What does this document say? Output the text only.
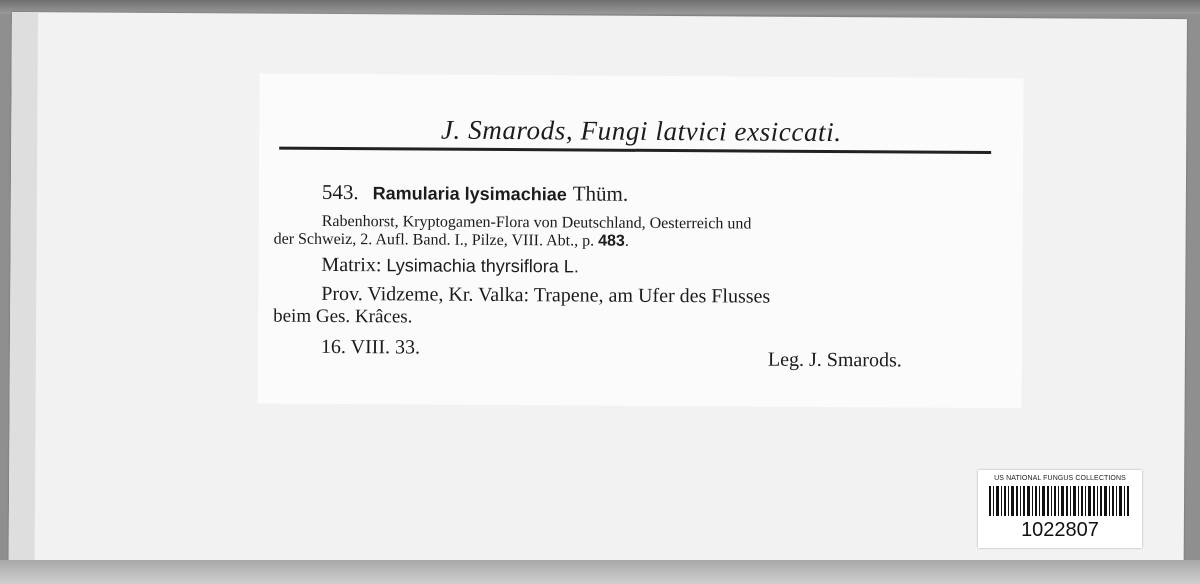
J. Smarods, Fungi latvici exsiccati.
543. Ramularia lysimachiae Thüm.
Rabenhorst, Kryptogamen-Flora von Deutschland, Oesterreich und
der Schweiz, 2. Aufl. Band. I., Pilze, VIII. Abt., p. 483.
Matrix: Lysimachia thyrsiflora L.
Prov. Vidzeme, Kr. Valka: Trapene, am Ufer des Flusses
beim Ges. Krâces.
16. VIII. 33.
Leg. J. Smarods.
US NATIONAL FUNGUS COLLECTIONS
1022807
